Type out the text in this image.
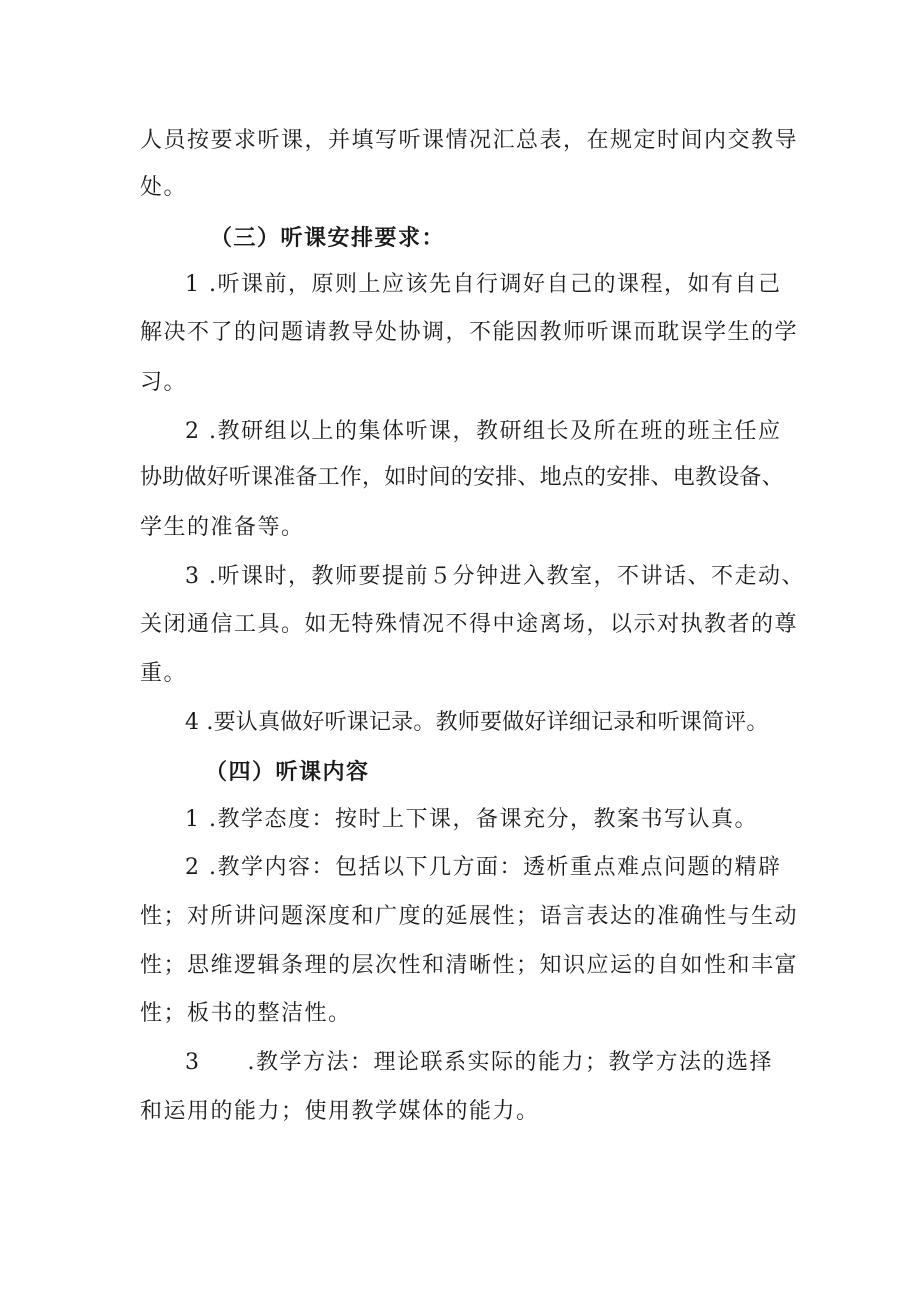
人员按要求听课，并填写听课情况汇总表，在规定时间内交教导
处。
（三）听课安排要求：
1 .听课前，原则上应该先自行调好自己的课程，如有自己
解决不了的问题请教导处协调，不能因教师听课而耽误学生的学
习。
2 .教研组以上的集体听课，教研组长及所在班的班主任应
协助做好听课准备工作，如时间的安排、地点的安排、电教设备、
学生的准备等。
3 .听课时，教师要提前５分钟进入教室，不讲话、不走动、
关闭通信工具。如无特殊情况不得中途离场，以示对执教者的尊
重。
4 .要认真做好听课记录。教师要做好详细记录和听课简评。
（四）听课内容
1 .教学态度：按时上下课，备课充分，教案书写认真。
2 .教学内容：包括以下几方面：透析重点难点问题的精辟
性；对所讲问题深度和广度的延展性；语言表达的准确性与生动
性；思维逻辑条理的层次性和清晰性；知识应运的自如性和丰富
性；板书的整洁性。
3　　.教学方法：理论联系实际的能力；教学方法的选择
和运用的能力；使用教学媒体的能力。
